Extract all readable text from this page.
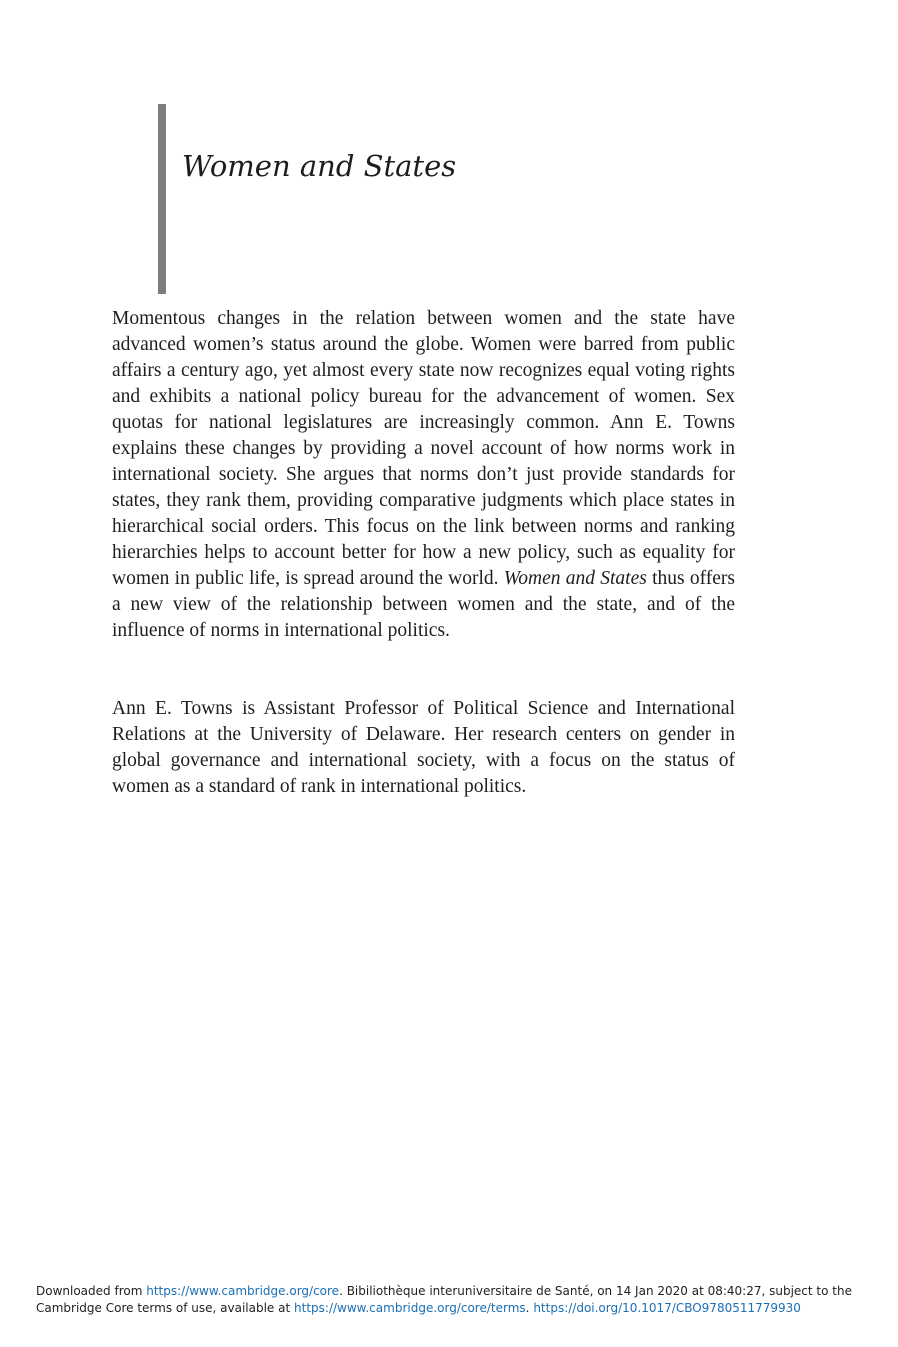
Women and States

Momentous changes in the relation between women and the state have advanced women’s status around the globe. Women were barred from public affairs a century ago, yet almost every state now recognizes equal voting rights and exhibits a national policy bureau for the advancement of women. Sex quotas for national legislatures are increasingly common. Ann E. Towns explains these changes by providing a novel account of how norms work in international society. She argues that norms don’t just provide standards for states, they rank them, providing comparative judgments which place states in hierarchical social orders. This focus on the link between norms and ranking hierarchies helps to account better for how a new policy, such as equality for women in public life, is spread around the world. Women and States thus offers a new view of the relationship between women and the state, and of the influence of norms in international politics.

Ann E. Towns is Assistant Professor of Political Science and International Relations at the University of Delaware. Her research centers on gender in global governance and international society, with a focus on the status of women as a standard of rank in international politics.

Downloaded from https://www.cambridge.org/core. Bibiliothèque interuniversitaire de Santé, on 14 Jan 2020 at 08:40:27, subject to the
Cambridge Core terms of use, available at https://www.cambridge.org/core/terms. https://doi.org/10.1017/CBO9780511779930
